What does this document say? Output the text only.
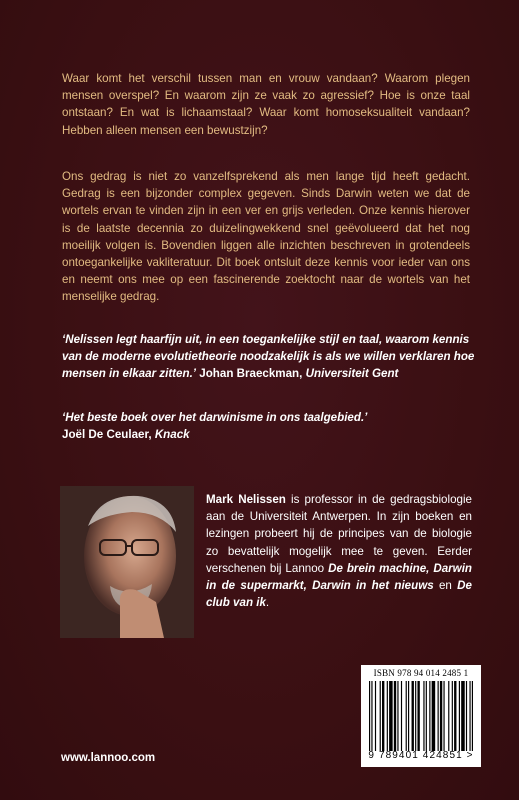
Waar komt het verschil tussen man en vrouw vandaan? Waarom plegen mensen overspel? En waarom zijn ze vaak zo agressief? Hoe is onze taal ontstaan? En wat is lichaamstaal? Waar komt homoseksualiteit vandaan? Hebben alleen mensen een bewustzijn?

Ons gedrag is niet zo vanzelfsprekend als men lange tijd heeft gedacht. Gedrag is een bijzonder complex gegeven. Sinds Darwin weten we dat de wortels ervan te vinden zijn in een ver en grijs verleden. Onze kennis hierover is de laatste decennia zo duizelingwekkend snel geëvolueerd dat het nog moeilijk volgen is. Bovendien liggen alle inzichten beschreven in grotendeels ontoegankelijke vakliteratuur. Dit boek ontsluit deze kennis voor ieder van ons en neemt ons mee op een fascinerende zoektocht naar de wortels van het menselijke gedrag.

‘Nelissen legt haarfijn uit, in een toegankelijke stijl en taal, waarom kennis van de moderne evolutietheorie noodzakelijk is als we willen verklaren hoe mensen in elkaar zitten.’ Johan Braeckman, Universiteit Gent

‘Het beste boek over het darwinisme in ons taalgebied.’
Joël De Ceulaer, Knack

Mark Nelissen is professor in de gedragsbiologie aan de Universiteit Antwerpen. In zijn boeken en lezingen probeert hij de principes van de biologie zo bevattelijk mogelijk mee te geven. Eerder verschenen bij Lannoo De brein machine, Darwin in de supermarkt, Darwin in het nieuws en De club van ik.

ISBN 978 94 014 2485 1
9 789401 424851 >
www.lannoo.com
